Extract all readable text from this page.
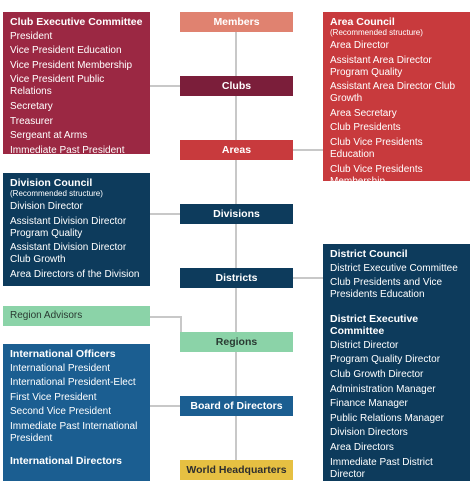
Members
Clubs
Areas
Divisions
Districts
Regions
Board of Directors
World Headquarters
Club Executive Committee
President
Vice President Education
Vice President Membership
Vice President Public Relations
Secretary
Treasurer
Sergeant at Arms
Immediate Past President
Area Council
(Recommended structure)
Area Director
Assistant Area Director Program Quality
Assistant Area Director Club Growth
Area Secretary
Club Presidents
Club Vice Presidents Education
Club Vice Presidents Membership
Division Council
(Recommended structure)
Division Director
Assistant Division Director Program Quality
Assistant Division Director Club Growth
Area Directors of the Division
District Council
District Executive Committee
Club Presidents and Vice Presidents Education
District Executive Committee
District Director
Program Quality Director
Club Growth Director
Administration Manager
Finance Manager
Public Relations Manager
Division Directors
Area Directors
Immediate Past District Director
Region Advisors
International Officers
International President
International President-Elect
First Vice President
Second Vice President
Immediate Past International President
International Directors
